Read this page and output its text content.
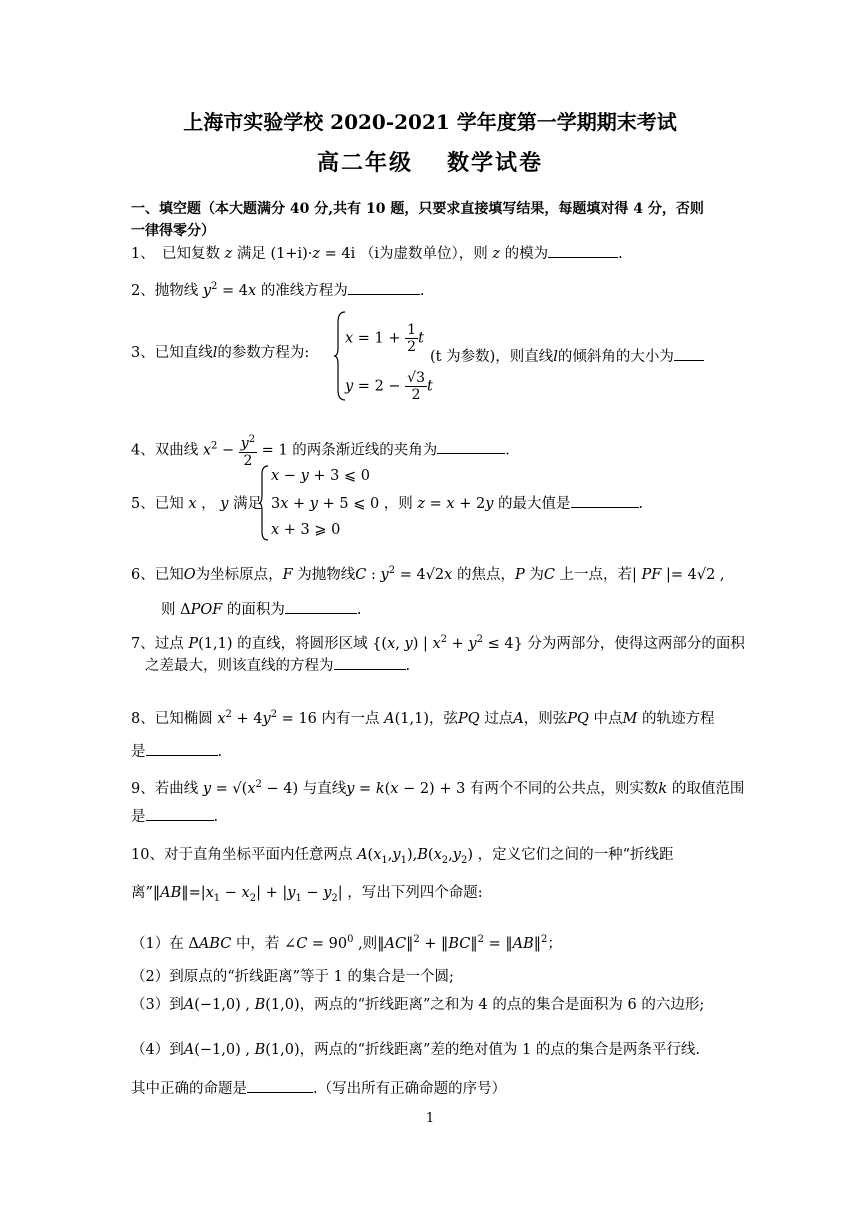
上海市实验学校 2020-2021 学年度第一学期期末考试
高二年级 数学试卷
一、填空题（本大题满分 40 分,共有 10 题，只要求直接填写结果，每题填对得 4 分，否则
一律得零分）
1、　已知复数 z 满足 (1+i)·z = 4i （i为虚数单位），则 z 的模为	.
2、抛物线 $y^2 = 4x$ 的准线方程为	.
3、已知直线l的参数方程为:
$x = 1 + \frac{1}{2}$ t
$y = 2 - \frac{√3}{2}$ t
(t 为参数)，则直线l的倾斜角的大小为
4、双曲线 $x^2 - \frac{y^2}{2} = 1$ 的两条渐近线的夹角为	.
5、已知 x ， y 满足
x − y + 3 ⩽ 0
3x + y + 5 ⩽ 0 ，则 z = x + 2y 的最大值是	.
x + 3 ⩾ 0
6、已知O为坐标原点，F 为抛物线C : $y^2 = 4√2x$ 的焦点，P 为C 上一点，若| PF |= 4√2 ,
则 ΔPOF 的面积为	.
7、过点 P(1,1) 的直线，将圆形区域 {(x, y) | $x^2 + y^2 \le 4$} 分为两部分，使得这两部分的面积
之差最大，则该直线的方程为	.
8、已知椭圆 $x^2 + 4y^2 = 16$ 内有一点 A(1,1)，弦PQ 过点A，则弦PQ 中点M 的轨迹方程
是	.
9、若曲线 $y = √(x^2 - 4)$ 与直线y = k(x − 2) + 3 有两个不同的公共点，则实数k 的取值范围
是	.
10、对于直角坐标平面内任意两点 $A(x_1,y_1),B(x_2,y_2)$ ，定义它们之间的一种“折线距
离$”‖AB‖=|x_1 - x_2| + |y_1 - y_2|$ ，写出下列四个命题:
（1）在 ΔABC 中，若 ∠C = $90^0$ ,则‖AC‖$^2$ + ‖BC‖$^2$ = ‖AB‖$^2$；
（2）到原点的“折线距离”等于 1 的集合是一个圆;
（3）到A(−1,0) , B(1,0)，两点的“折线距离”之和为 4 的点的集合是面积为 6 的六边形;
（4）到A(−1,0) , B(1,0)，两点的“折线距离”差的绝对值为 1 的点的集合是两条平行线.
其中正确的命题是	.（写出所有正确命题的序号）
1
